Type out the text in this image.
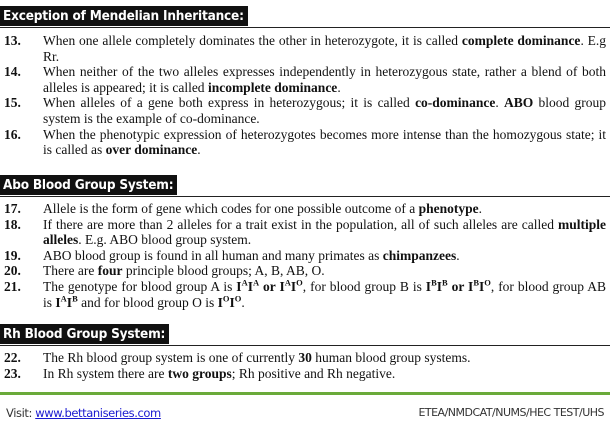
Exception of Mendelian Inheritance:
13.	When one allele completely dominates the other in heterozygote, it is called complete dominance. E.g Rr.
14.	When neither of the two alleles expresses independently in heterozygous state, rather a blend of both alleles is appeared; it is called incomplete dominance.
15.	When alleles of a gene both express in heterozygous; it is called co-dominance. ABO blood group system is the example of co-dominance.
16.	When the phenotypic expression of heterozygotes becomes more intense than the homozygous state; it is called as over dominance.
Abo Blood Group System:
17.	Allele is the form of gene which codes for one possible outcome of a phenotype.
18.	If there are more than 2 alleles for a trait exist in the population, all of such alleles are called multiple alleles. E.g. ABO blood group system.
19.	ABO blood group is found in all human and many primates as chimpanzees.
20.	There are four principle blood groups; A, B, AB, O.
21.	The genotype for blood group A is $I^AI^A$ or $I^AI^O$, for blood group B is $I^BI^B$ or $I^BI^O$, for blood group AB is $I^AI^B$ and for blood group O is $I^OI^O$.
Rh Blood Group System:
22.	The Rh blood group system is one of currently 30 human blood group systems.
23.	In Rh system there are two groups; Rh positive and Rh negative.
Visit: www.bettaniseries.com	ETEA/NMDCAT/NUMS/HEC TEST/UHS
